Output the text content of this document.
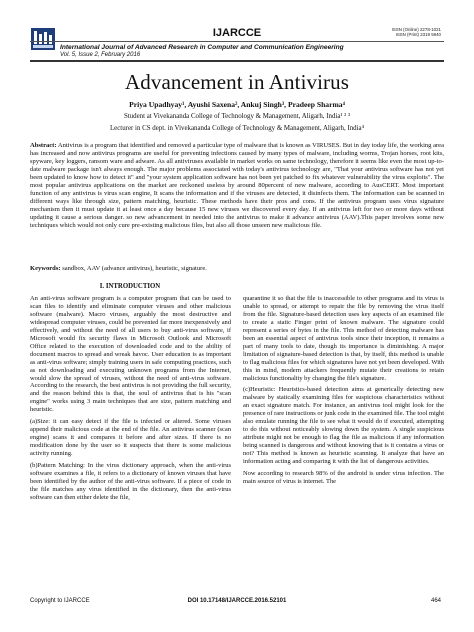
IJARCCE	ISSN (Online) 2278-1021
ISSN (Print) 2319 5940
International Journal of Advanced Research in Computer and Communication Engineering
Vol. 5, Issue 2, February 2016
Advancement in Antivirus
Priya Upadhyay¹, Ayushi Saxena², Ankuj Singh³, Pradeep Sharma⁴
Student at Vivekananda College of Technology & Management, Aligarh, India¹ ² ³
Lecturer in CS dept. in Vivekananda College of Technology & Management, Aligarh, India⁴
Abstract: Antivirus is a program that identified and removed a particular type of malware that is known as VIRUSES. But in day today life, the working area has increased and now antivirus programs are useful for preventing infections caused by many types of malware, including worms, Trojan horses, root kits, spyware, key loggers, ransom ware and adware. As all antiviruses available in market works on same technology, therefore it seems like even the most up-to-date malware package isn't always enough. The major problems associated with today's antivirus technology are, "That your antivirus software has not yet been updated to know how to detect it" and "your system application software has not been yet patched to fix whatever vulnerability the virus exploits". The most popular antivirus applications on the market are reckoned useless by around 80percent of new malware, according to AusCERT. Most important function of any antivirus is virus scan engine, It scans the information and if the viruses are detected, it disinfects them. The information can be scanned in different ways like through size, pattern matching, heuristic. These methods have their pros and cons. If the antivirus program uses virus signature mechanism then it must update it at least once a day because 15 new viruses we discovered every day. If an antivirus left for two or more days without updating it cause a serious danger. so new advancement in needed into the antivirus to make it advance antivirus (AAV).This paper involves some new techniques which would not only cure pre-existing malicious files, but also all those unseen new malicious file.
Keywords: sandbox, AAV (advance antivirus), heuristic, signature.
I. INTRODUCTION

An anti-virus software program is a computer program that can be used to scan files to identify and eliminate computer viruses and other malicious software (malware). Macro viruses, arguably the most destructive and widespread computer viruses, could be prevented far more inexpensively and effectively, and without the need of all users to buy anti-virus software, if Microsoft would fix security flaws in Microsoft Outlook and Microsoft Office related to the execution of downloaded code and to the ability of document macros to spread and wreak havoc. User education is as important as anti-virus software; simply training users in safe computing practices, such as not downloading and executing unknown programs from the Internet, would slow the spread of viruses, without the need of anti-virus software. According to the research, the best antivirus is not providing the full security, and the reason behind this is that, the soul of antivirus that is his "scan engine" works using 3 main techniques that are size, pattern matching and heuristic.

(a)Size: it can easy detect if the file is infected or altered. Some viruses append their malicious code at the end of the file. An antivirus scanner (scan engine) scans it and compares it before and after sizes. If there is no modification done by the user so it suspects that there is some malicious activity running.

(b)Pattern Matching: In the virus dictionary approach, when the anti-virus software examines a file, it refers to a dictionary of known viruses that have been identified by the author of the anti-virus software. If a piece of code in the file matches any virus identified in the dictionary, then the anti-virus software can then either delete the file,

quarantine it so that the file is inaccessible to other programs and its virus is unable to spread, or attempt to repair the file by removing the virus itself from the file. Signature-based detection uses key aspects of an examined file to create a static Finger print of known malware. The signature could represent a series of bytes in the file. This method of detecting malware has been an essential aspect of antivirus tools since their inception, it remains a part of many tools to date, though its importance is diminishing. A major limitation of signature-based detection is that, by itself, this method is unable to flag malicious files for which signatures have not yet been developed. With this in mind, modern attackers frequently mutate their creations to retain malicious functionality by changing the file's signature.

(c)Heuristic: Heuristics-based detection aims at generically detecting new malware by statically examining files for suspicious characteristics without an exact signature match. For instance, an antivirus tool might look for the presence of rare instructions or junk code in the examined file. The tool might also emulate running the file to see what it would do if executed, attempting to do this without noticeably slowing down the system. A single suspicious attribute might not be enough to flag the file as malicious if any information being scanned is dangerous and without knowing that is it contains a virus or not? This method is known as heuristic scanning. It analyze that have an information acting and comparing it with the list of dangerous activities.

Now according to research 98% of the android is under virus infection. The main source of virus is internet. The

Copyright to IJARCCE	DOI 10.17148/IJARCCE.2016.52101	464
